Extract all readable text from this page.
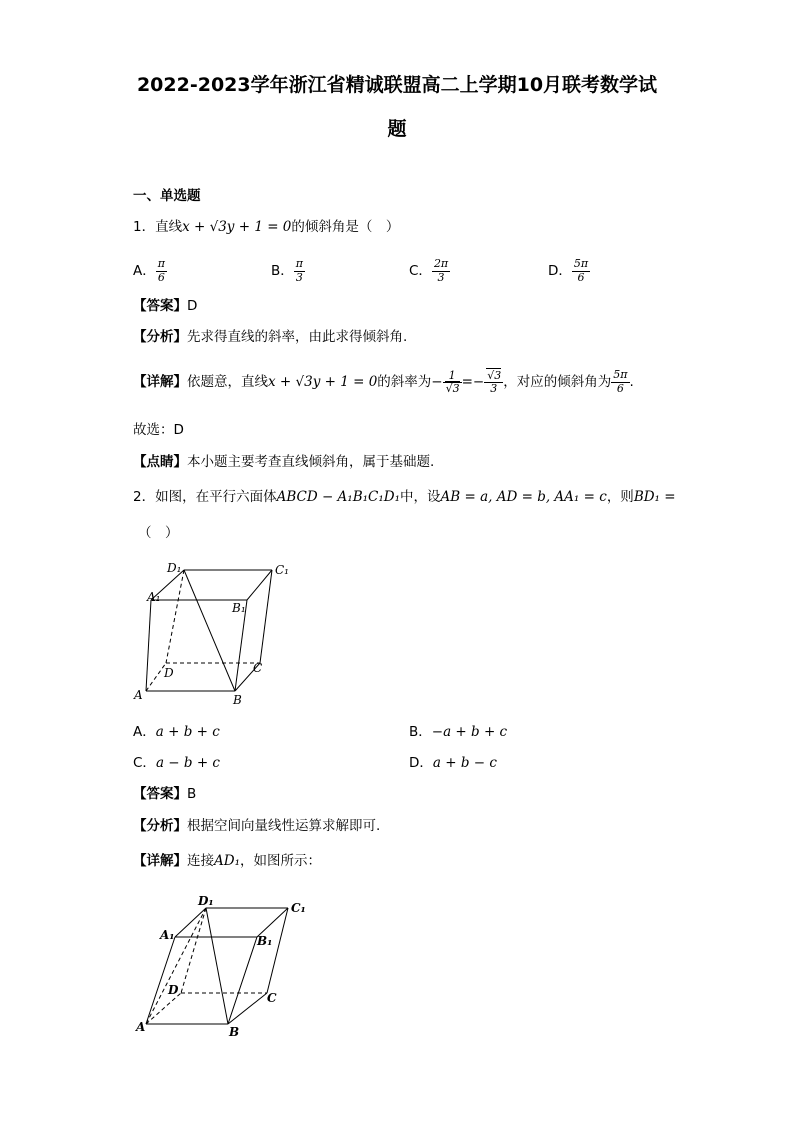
2022-2023学年浙江省精诚联盟高二上学期10月联考数学试
题
一、单选题
1．直线x + √3y + 1 = 0的倾斜角是（　）
A． $\frac{\pi}{6}$	B． $\frac{\pi}{3}$	C． $\frac{2\pi}{3}$	D． $\frac{5\pi}{6}$
【答案】D
【分析】先求得直线的斜率，由此求得倾斜角.
【详解】依题意，直线x + √3y + 1 = 0的斜率为− $\frac{1}{√3} =- \frac{√3}{3}$ ，对应的倾斜角为 $\frac{5\pi}{6}$ .
故选：D
【点睛】本小题主要考查直线倾斜角，属于基础题.
2．如图，在平行六面体ABCD − A₁B₁C₁D₁中，设AB = a, AD = b, AA₁ = c，则BD₁ =
（　）
D₁	C₁
A₁
B₁
D	C
A	B
A．a + b + c	B．−a + b + c
C．a − b + c	D．a + b − c
【答案】B
【分析】根据空间向量线性运算求解即可.
【详解】连接AD₁，如图所示：
D₁	C₁
A₁	B₁
D
C
A	B
